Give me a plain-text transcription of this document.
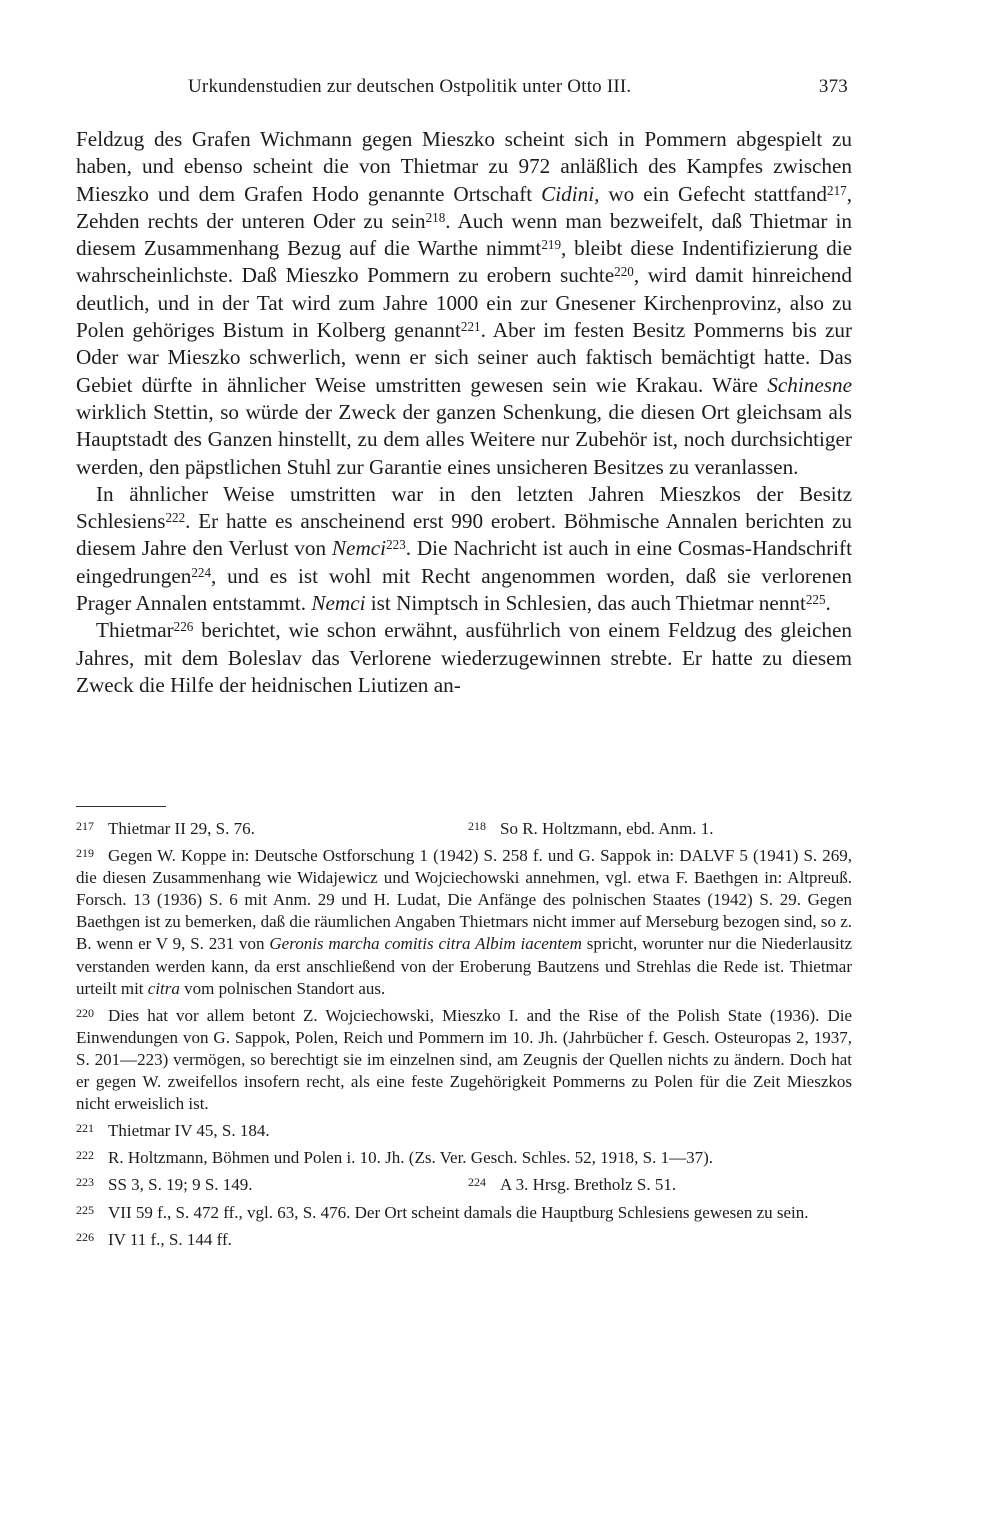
Urkundenstudien zur deutschen Ostpolitik unter Otto III.	373

Feldzug des Grafen Wichmann gegen Mieszko scheint sich in Pommern abgespielt zu haben, und ebenso scheint die von Thietmar zu 972 anläßlich des Kampfes zwischen Mieszko und dem Grafen Hodo genannte Ortschaft Cidini, wo ein Gefecht stattfand$^{217}$, Zehden rechts der unteren Oder zu sein$^{218}$. Auch wenn man bezweifelt, daß Thietmar in diesem Zusammenhang Bezug auf die Warthe nimmt$^{219}$, bleibt diese Indentifizierung die wahrscheinlichste. Daß Mieszko Pommern zu erobern suchte$^{220}$, wird damit hinreichend deutlich, und in der Tat wird zum Jahre 1000 ein zur Gnesener Kirchenprovinz, also zu Polen gehöriges Bistum in Kolberg genannt$^{221}$. Aber im festen Besitz Pommerns bis zur Oder war Mieszko schwerlich, wenn er sich seiner auch faktisch bemächtigt hatte. Das Gebiet dürfte in ähnlicher Weise umstritten gewesen sein wie Krakau. Wäre Schinesne wirklich Stettin, so würde der Zweck der ganzen Schenkung, die diesen Ort gleichsam als Hauptstadt des Ganzen hinstellt, zu dem alles Weitere nur Zubehör ist, noch durchsichtiger werden, den päpstlichen Stuhl zur Garantie eines unsicheren Besitzes zu veranlassen.

In ähnlicher Weise umstritten war in den letzten Jahren Mieszkos der Besitz Schlesiens$^{222}$. Er hatte es anscheinend erst 990 erobert. Böhmische Annalen berichten zu diesem Jahre den Verlust von Nemci$^{223}$. Die Nachricht ist auch in eine Cosmas-Handschrift eingedrungen$^{224}$, und es ist wohl mit Recht angenommen worden, daß sie verlorenen Prager Annalen entstammt. Nemci ist Nimptsch in Schlesien, das auch Thietmar nennt$^{225}$.

Thietmar$^{226}$ berichtet, wie schon erwähnt, ausführlich von einem Feldzug des gleichen Jahres, mit dem Boleslav das Verlorene wiederzugewinnen strebte. Er hatte zu diesem Zweck die Hilfe der heidnischen Liutizen an-

217 Thietmar II 29, S. 76.	218 So R. Holtzmann, ebd. Anm. 1.
219 Gegen W. Koppe in: Deutsche Ostforschung 1 (1942) S. 258 f. und G. Sappok in: DALVF 5 (1941) S. 269, die diesen Zusammenhang wie Widajewicz und Wojciechowski annehmen, vgl. etwa F. Baethgen in: Altpreuß. Forsch. 13 (1936) S. 6 mit Anm. 29 und H. Ludat, Die Anfänge des polnischen Staates (1942) S. 29. Gegen Baethgen ist zu bemerken, daß die räumlichen Angaben Thietmars nicht immer auf Merseburg bezogen sind, so z. B. wenn er V 9, S. 231 von Geronis marcha comitis citra Albim iacentem spricht, worunter nur die Niederlausitz verstanden werden kann, da erst anschließend von der Eroberung Bautzens und Strehlas die Rede ist. Thietmar urteilt mit citra vom polnischen Standort aus.
220 Dies hat vor allem betont Z. Wojciechowski, Mieszko I. and the Rise of the Polish State (1936). Die Einwendungen von G. Sappok, Polen, Reich und Pommern im 10. Jh. (Jahrbücher f. Gesch. Osteuropas 2, 1937, S. 201—223) vermögen, so berechtigt sie im einzelnen sind, am Zeugnis der Quellen nichts zu ändern. Doch hat er gegen W. zweifellos insofern recht, als eine feste Zugehörigkeit Pommerns zu Polen für die Zeit Mieszkos nicht erweislich ist.
221 Thietmar IV 45, S. 184.
222 R. Holtzmann, Böhmen und Polen i. 10. Jh. (Zs. Ver. Gesch. Schles. 52, 1918, S. 1—37).
223 SS 3, S. 19; 9 S. 149.	224 A 3. Hrsg. Bretholz S. 51.
225 VII 59 f., S. 472 ff., vgl. 63, S. 476. Der Ort scheint damals die Hauptburg Schlesiens gewesen zu sein.
226 IV 11 f., S. 144 ff.
